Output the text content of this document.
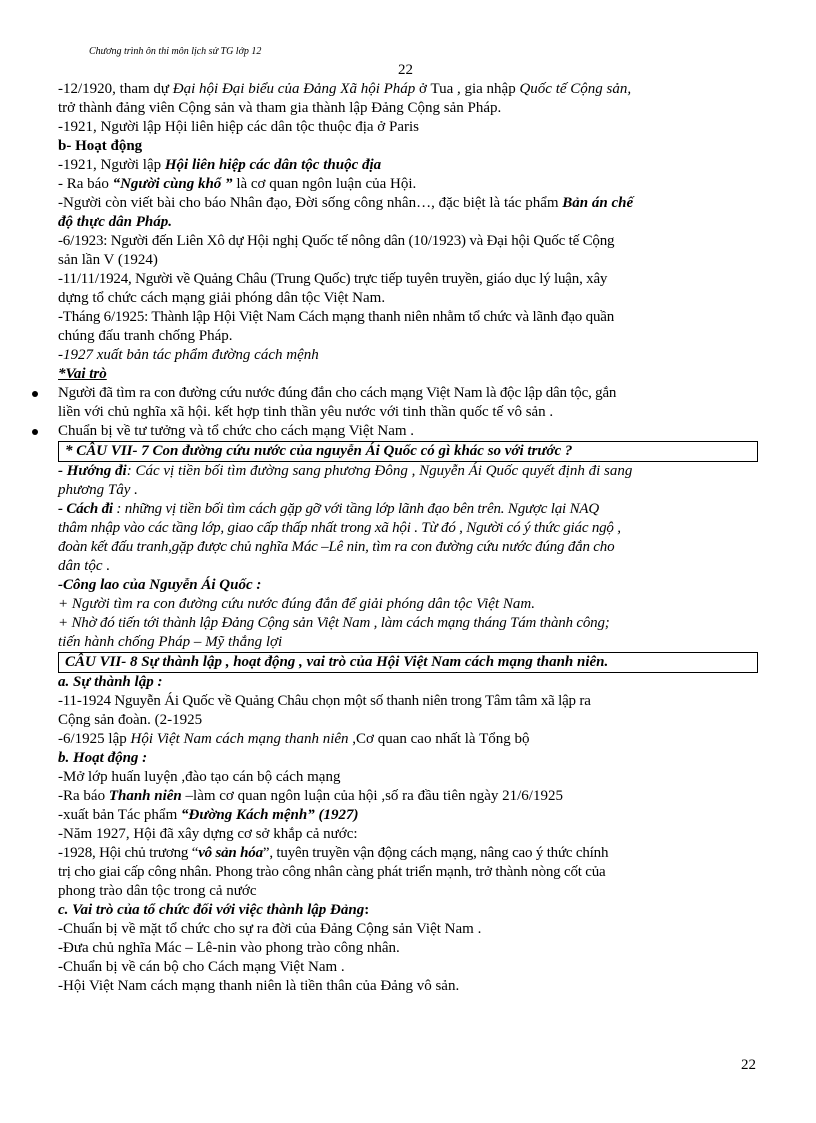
Chương trình ôn thi môn lịch sử TG lớp 12
22

-12/1920, tham dự Đại hội Đại biểu của Đảng Xã hội Pháp ở Tua , gia nhập Quốc tế Cộng sản,

trở thành đảng viên Cộng sản và tham gia thành lập Đảng Cộng sản Pháp.

-1921, Người lập Hội liên hiệp các dân tộc thuộc địa ở Paris

b- Hoạt động

-1921, Người lập Hội liên hiệp các dân tộc thuộc địa

- Ra báo “Người cùng khổ ” là cơ quan ngôn luận của Hội.

-Người còn viết bài cho báo Nhân đạo, Đời sống công nhân…, đặc biệt là tác phẩm Bản án chế

độ thực dân Pháp.

-6/1923: Người đến Liên Xô dự Hội nghị Quốc tế nông dân (10/1923) và Đại hội Quốc tế Cộng

sản lần V (1924)

-11/11/1924, Người về Quảng Châu (Trung Quốc) trực tiếp tuyên truyền, giáo dục lý luận, xây

dựng tổ chức cách mạng giải phóng dân tộc Việt Nam.

-Tháng 6/1925: Thành lập Hội Việt Nam Cách mạng thanh niên nhằm tổ chức và lãnh đạo quần

chúng đấu tranh chống Pháp.

-1927 xuất bản tác phẩm đường cách mệnh

*Vai trò

Người đã tìm ra con đường cứu nước đúng đắn cho cách mạng Việt Nam là độc lập dân tộc, gắn

liền với chủ nghĩa xã hội. kết hợp tinh thần yêu nước với tinh thần quốc tế vô sản .

Chuẩn bị về tư tưởng và tổ chức cho cách mạng Việt Nam .

* CÂU VII- 7 Con đường cứu nước của nguyễn Ái Quốc có gì khác so với trước ?

- Hướng đi: Các vị tiền bối tìm đường sang phương Đông , Nguyễn Ái Quốc quyết định đi sang

phương Tây .

- Cách đi : những vị tiền bối tìm cách gặp gỡ với tầng lớp lãnh đạo bên trên. Ngược lại NAQ

thâm nhập vào các tầng lớp, giao cấp thấp nhất trong xã hội . Từ đó , Người có ý thức giác ngộ ,

đoàn kết đấu tranh,gặp được chủ nghĩa Mác –Lê nin, tìm ra con đường cứu nước đúng đắn cho

dân tộc .

-Công lao của Nguyễn Ái Quốc :

+ Người tìm ra con đường cứu nước đúng đắn để giải phóng dân tộc Việt Nam.

+ Nhờ đó tiến tới thành lập Đảng Cộng sản Việt Nam , làm cách mạng tháng Tám thành công;

tiến hành chống Pháp – Mỹ thắng lợi

CÂU VII- 8 Sự thành lập , hoạt động , vai trò của Hội Việt Nam cách mạng thanh niên.

a. Sự thành lập :

-11-1924 Nguyễn Ái Quốc về Quảng Châu chọn một số thanh niên trong Tâm tâm xã lập ra

Cộng sản đoàn. (2-1925

-6/1925 lập Hội Việt Nam cách mạng thanh niên ,Cơ quan cao nhất là Tổng bộ

b. Hoạt động :

-Mở lớp huấn luyện ,đào tạo cán bộ cách mạng

-Ra báo Thanh niên –làm cơ quan ngôn luận của hội ,số ra đầu tiên ngày 21/6/1925

-xuất bản Tác phẩm “Đường Kách mệnh” (1927)

-Năm 1927, Hội đã xây dựng cơ sở khắp cả nước:

-1928, Hội chủ trương “vô sản hóa”, tuyên truyền vận động cách mạng, nâng cao ý thức chính

trị cho giai cấp công nhân. Phong trào công nhân càng phát triển mạnh, trở thành nòng cốt của

phong trào dân tộc trong cả nước

c. Vai trò của tổ chức đối với việc thành lập Đảng:

-Chuẩn bị về mặt tổ chức cho sự ra đời của Đảng Cộng sản Việt Nam .

-Đưa chủ nghĩa Mác – Lê-nin vào phong trào công nhân.

-Chuẩn bị về cán bộ cho Cách mạng Việt Nam .

-Hội Việt Nam cách mạng thanh niên là tiền thân của Đảng vô sản.

22
